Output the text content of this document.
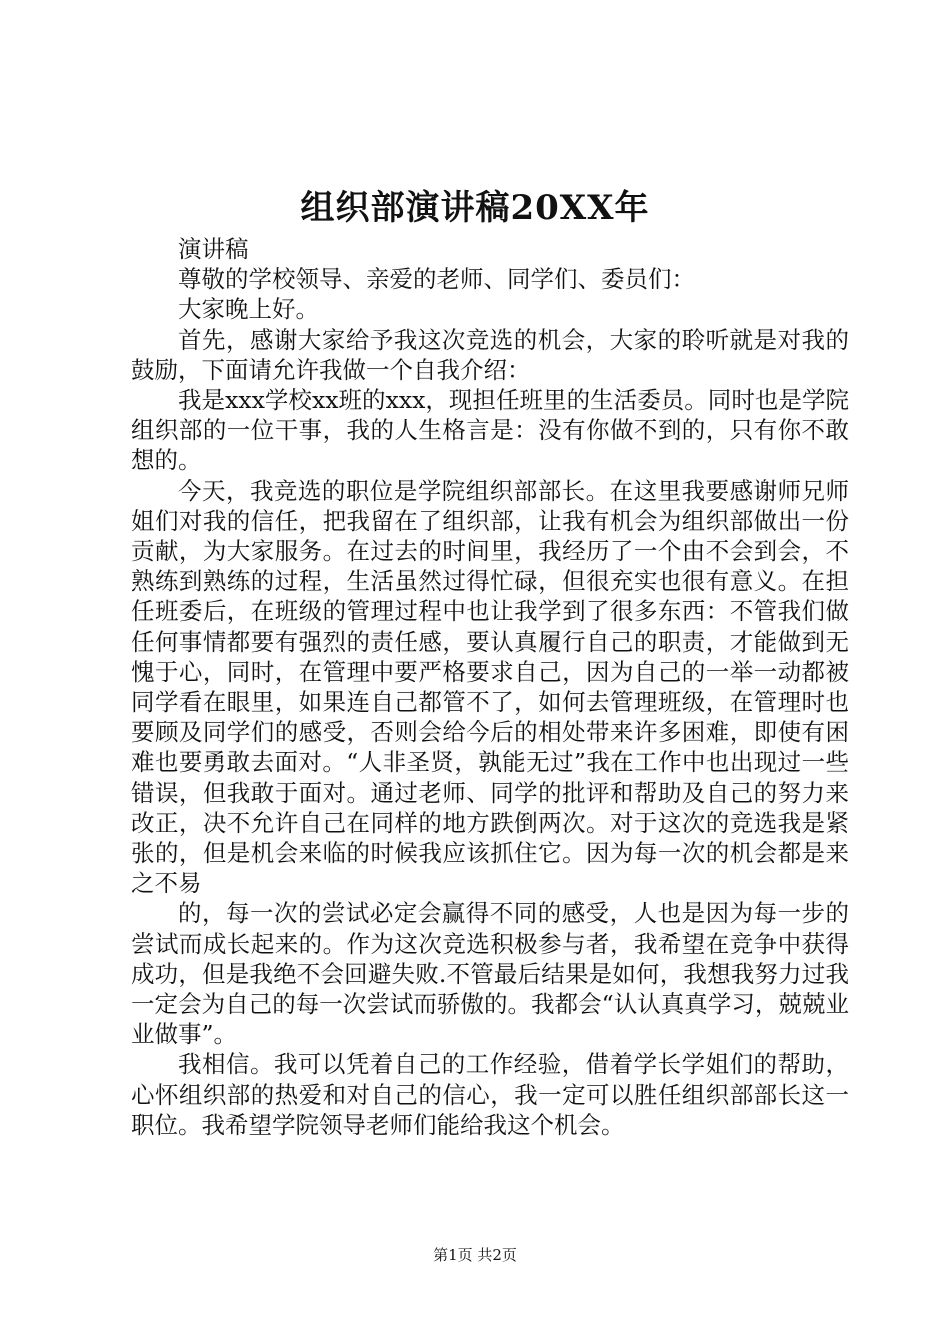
组织部演讲稿20XX年

演讲稿

尊敬的学校领导、亲爱的老师、同学们、委员们：

大家晚上好。

首先，感谢大家给予我这次竞选的机会，大家的聆听就是对我的鼓励，下面请允许我做一个自我介绍：

我是xxx学校xx班的xxx，现担任班里的生活委员。同时也是学院组织部的一位干事，我的人生格言是：没有你做不到的，只有你不敢想的。

今天，我竞选的职位是学院组织部部长。在这里我要感谢师兄师姐们对我的信任，把我留在了组织部，让我有机会为组织部做出一份贡献，为大家服务。在过去的时间里，我经历了一个由不会到会，不熟练到熟练的过程，生活虽然过得忙碌，但很充实也很有意义。在担任班委后，在班级的管理过程中也让我学到了很多东西：不管我们做任何事情都要有强烈的责任感，要认真履行自己的职责，才能做到无愧于心，同时，在管理中要严格要求自己，因为自己的一举一动都被同学看在眼里，如果连自己都管不了，如何去管理班级，在管理时也要顾及同学们的感受，否则会给今后的相处带来许多困难，即使有困难也要勇敢去面对。“人非圣贤，孰能无过”我在工作中也出现过一些错误，但我敢于面对。通过老师、同学的批评和帮助及自己的努力来改正，决不允许自己在同样的地方跌倒两次。对于这次的竞选我是紧张的，但是机会来临的时候我应该抓住它。因为每一次的机会都是来之不易

的，每一次的尝试必定会赢得不同的感受，人也是因为每一步的尝试而成长起来的。作为这次竞选积极参与者，我希望在竞争中获得成功，但是我绝不会回避失败.不管最后结果是如何，我想我努力过我一定会为自己的每一次尝试而骄傲的。我都会“认认真真学习，兢兢业业做事”。

我相信。我可以凭着自己的工作经验，借着学长学姐们的帮助，心怀组织部的热爱和对自己的信心，我一定可以胜任组织部部长这一职位。我希望学院领导老师们能给我这个机会。

第1页 共2页
